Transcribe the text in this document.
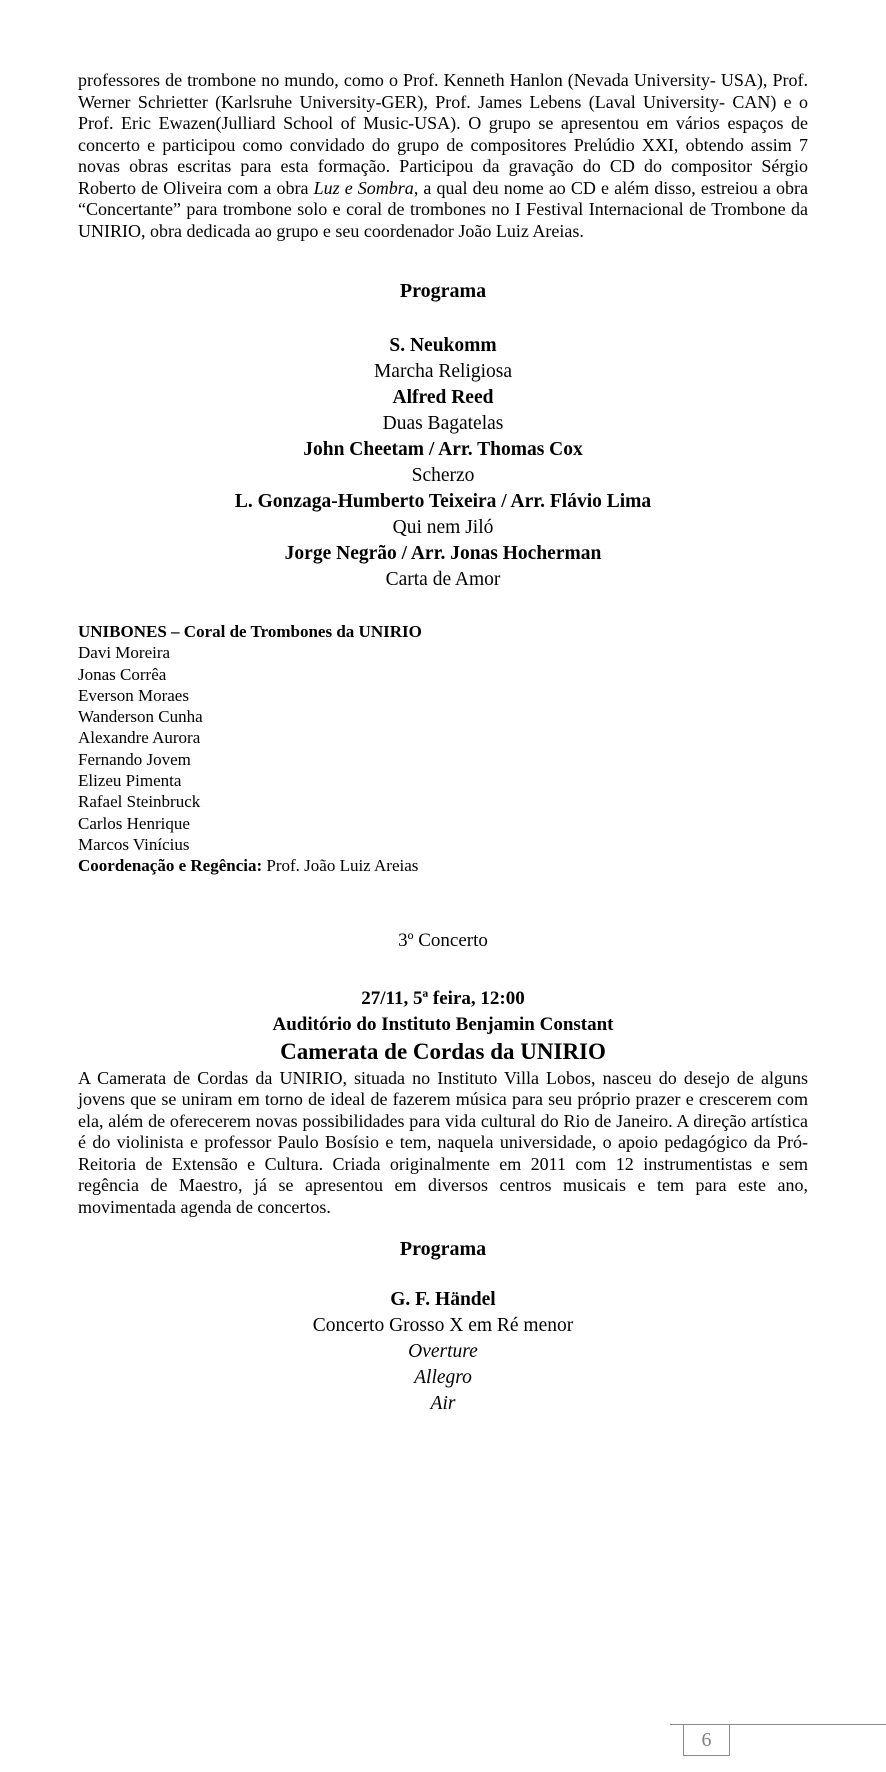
professores de trombone no mundo, como o Prof. Kenneth Hanlon (Nevada University- USA), Prof. Werner Schrietter (Karlsruhe University-GER), Prof. James Lebens (Laval University- CAN) e o Prof. Eric Ewazen(Julliard School of Music-USA). O grupo se apresentou em vários espaços de concerto e participou como convidado do grupo de compositores Prelúdio XXI, obtendo assim 7 novas obras escritas para esta formação. Participou da gravação do CD do compositor Sérgio Roberto de Oliveira com a obra Luz e Sombra, a qual deu nome ao CD e além disso, estreiou a obra “Concertante” para trombone solo e coral de trombones no I Festival Internacional de Trombone da UNIRIO, obra dedicada ao grupo e seu coordenador João Luiz Areias.

Programa
S. Neukomm
Marcha Religiosa
Alfred Reed
Duas Bagatelas
John Cheetam / Arr. Thomas Cox
Scherzo
L. Gonzaga-Humberto Teixeira / Arr. Flávio Lima
Qui nem Jiló
Jorge Negrão / Arr. Jonas Hocherman
Carta de Amor
UNIBONES – Coral de Trombones da UNIRIO
Davi Moreira
Jonas Corrêa
Everson Moraes
Wanderson Cunha
Alexandre Aurora
Fernando Jovem
Elizeu Pimenta
Rafael Steinbruck
Carlos Henrique
Marcos Vinícius
Coordenação e Regência: Prof. João Luiz Areias
3º Concerto
27/11, 5ª feira, 12:00
Auditório do Instituto Benjamin Constant
Camerata de Cordas da UNIRIO

A Camerata de Cordas da UNIRIO, situada no Instituto Villa Lobos, nasceu do desejo de alguns jovens que se uniram em torno de ideal de fazerem música para seu próprio prazer e crescerem com ela, além de oferecerem novas possibilidades para vida cultural do Rio de Janeiro. A direção artística é do violinista e professor Paulo Bosísio e tem, naquela universidade, o apoio pedagógico da Pró-Reitoria de Extensão e Cultura. Criada originalmente em 2011 com 12 instrumentistas e sem regência de Maestro, já se apresentou em diversos centros musicais e tem para este ano, movimentada agenda de concertos.

Programa
G. F. Händel
Concerto Grosso X em Ré menor
Overture
Allegro
Air
6
